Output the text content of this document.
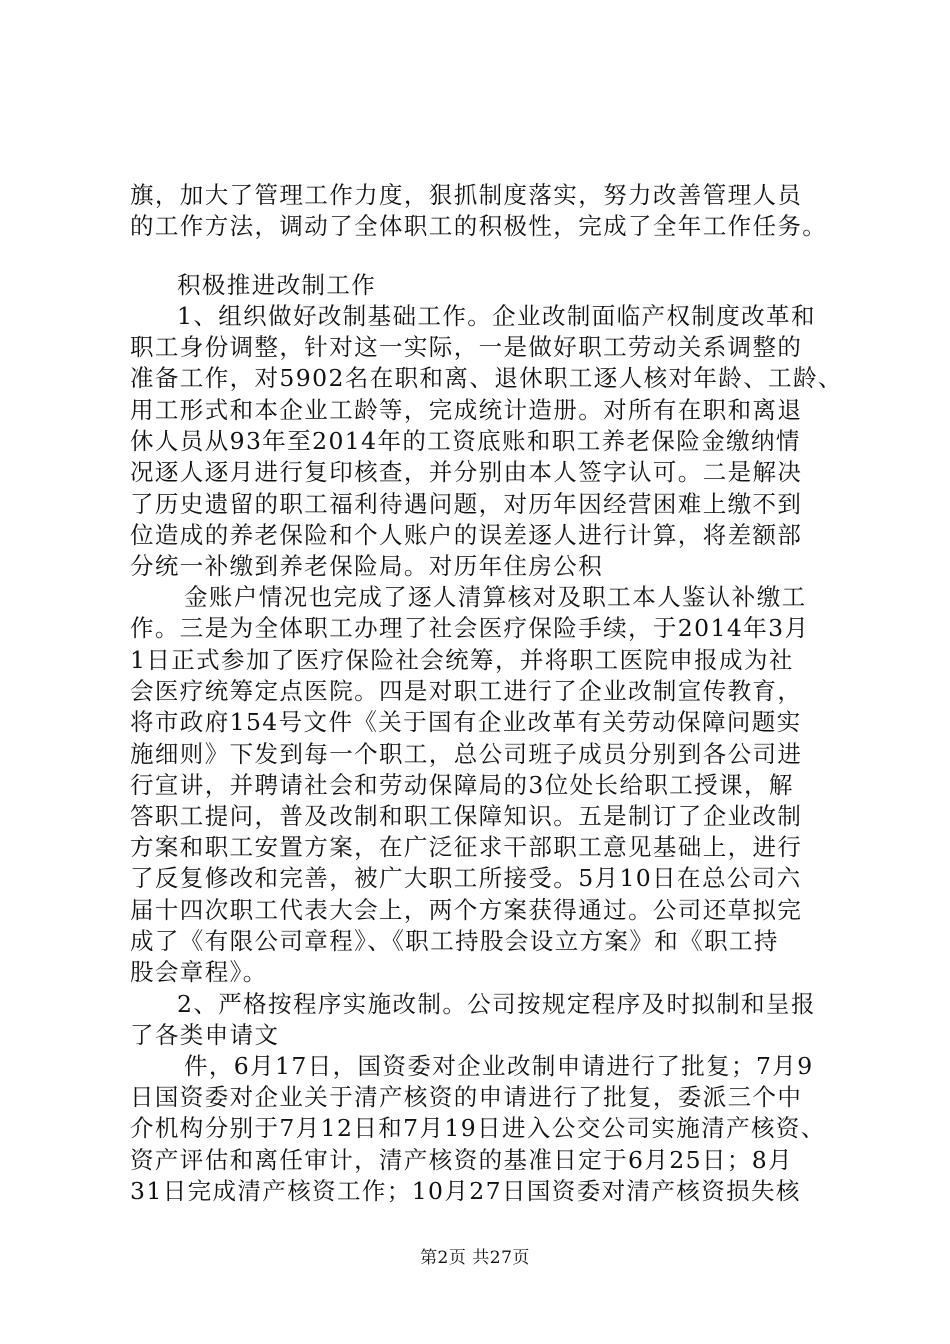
旗，加大了管理工作力度，狠抓制度落实，努力改善管理人员
的工作方法，调动了全体职工的积极性，完成了全年工作任务。
积极推进改制工作
1、组织做好改制基础工作。企业改制面临产权制度改革和
职工身份调整，针对这一实际，一是做好职工劳动关系调整的
准备工作，对5902名在职和离、退休职工逐人核对年龄、工龄、
用工形式和本企业工龄等，完成统计造册。对所有在职和离退
休人员从93年至2014年的工资底账和职工养老保险金缴纳情
况逐人逐月进行复印核查，并分别由本人签字认可。二是解决
了历史遗留的职工福利待遇问题，对历年因经营困难上缴不到
位造成的养老保险和个人账户的误差逐人进行计算，将差额部
分统一补缴到养老保险局。对历年住房公积
金账户情况也完成了逐人清算核对及职工本人鉴认补缴工
作。三是为全体职工办理了社会医疗保险手续，于2014年3月
1日正式参加了医疗保险社会统筹，并将职工医院申报成为社
会医疗统筹定点医院。四是对职工进行了企业改制宣传教育，
将市政府154号文件《关于国有企业改革有关劳动保障问题实
施细则》下发到每一个职工，总公司班子成员分别到各公司进
行宣讲，并聘请社会和劳动保障局的3位处长给职工授课，解
答职工提问，普及改制和职工保障知识。五是制订了企业改制
方案和职工安置方案，在广泛征求干部职工意见基础上，进行
了反复修改和完善，被广大职工所接受。5月10日在总公司六
届十四次职工代表大会上，两个方案获得通过。公司还草拟完
成了《有限公司章程》、《职工持股会设立方案》和《职工持
股会章程》。
2、严格按程序实施改制。公司按规定程序及时拟制和呈报
了各类申请文
件，6月17日，国资委对企业改制申请进行了批复；7月9
日国资委对企业关于清产核资的申请进行了批复，委派三个中
介机构分别于7月12日和7月19日进入公交公司实施清产核资、
资产评估和离任审计，清产核资的基准日定于6月25日；8月
31日完成清产核资工作；10月27日国资委对清产核资损失核
第2页 共27页
